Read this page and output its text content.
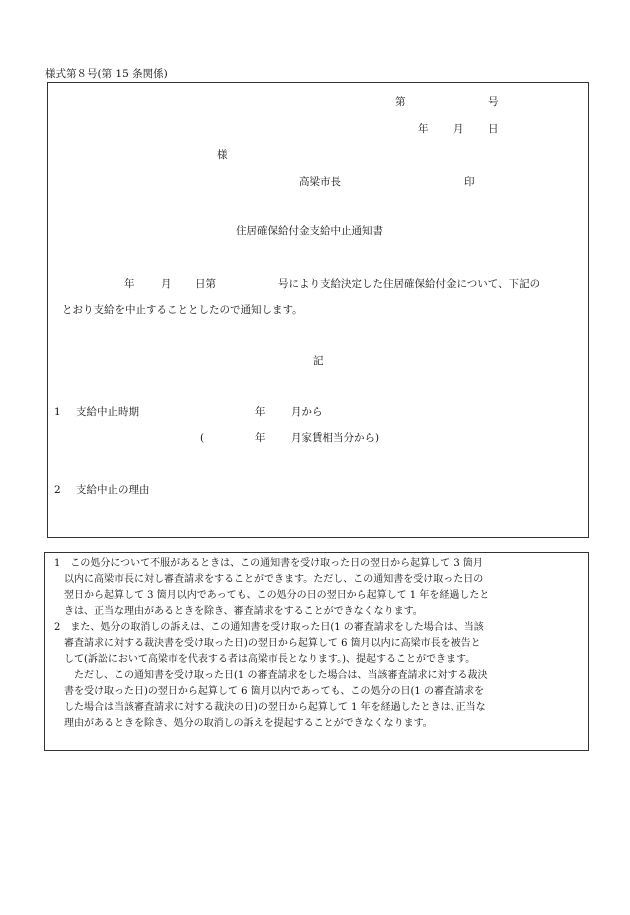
様式第８号(第 15 条関係)
第	号
年 月 日
様
高梁市長	印
住居確保給付金支給中止通知書
年	月 日第	号により支給決定した住居確保給付金について、下記の
とおり支給を中止することとしたので通知します。
記
1 支給中止時期	年 月から
(	年 月家賃相当分から)
2 支給中止の理由
1　この処分について不服があるときは、この通知書を受け取った日の翌日から起算して 3 箇月
以内に高梁市長に対し審査請求をすることができます。ただし、この通知書を受け取った日の
翌日から起算して 3 箇月以内であっても、この処分の日の翌日から起算して 1 年を経過したと
きは、正当な理由があるときを除き、審査請求をすることができなくなります。
2　また、処分の取消しの訴えは、この通知書を受け取った日(1 の審査請求をした場合は、当該
審査請求に対する裁決書を受け取った日)の翌日から起算して 6 箇月以内に高梁市長を被告と
して(訴訟において高梁市を代表する者は高梁市長となります。)、提起することができます。
ただし、この通知書を受け取った日(1 の審査請求をした場合は、当該審査請求に対する裁決
書を受け取った日)の翌日から起算して 6 箇月以内であっても、この処分の日(1 の審査請求を
した場合は当該審査請求に対する裁決の日)の翌日から起算して 1 年を経過したときは､正当な
理由があるときを除き、処分の取消しの訴えを提起することができなくなります。
